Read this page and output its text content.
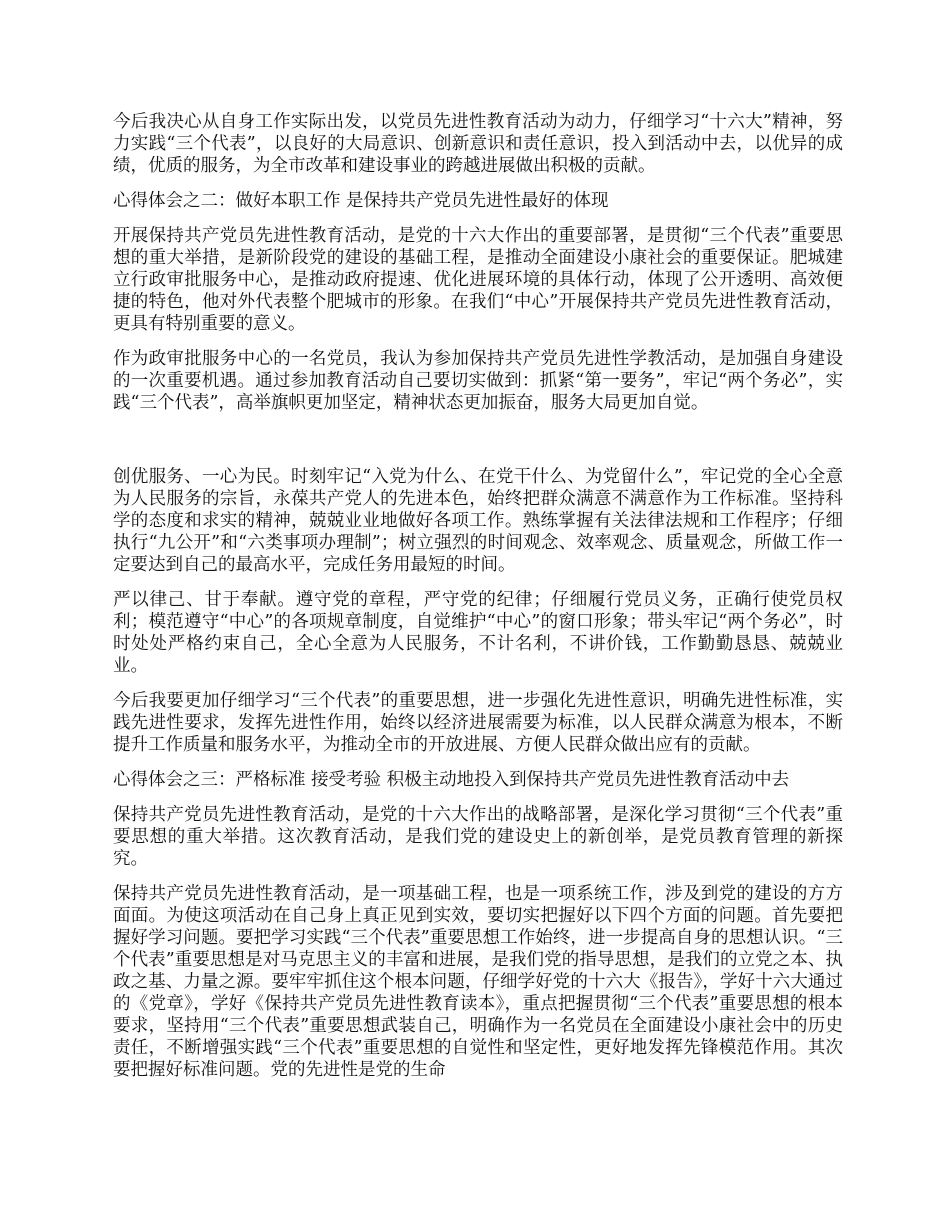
今后我决心从自身工作实际出发，以党员先进性教育活动为动力，仔细学习“十六大”精神，努力实践“三个代表”，以良好的大局意识、创新意识和责任意识，投入到活动中去，以优异的成绩，优质的服务，为全市改革和建设事业的跨越进展做出积极的贡献。

心得体会之二：做好本职工作 是保持共产党员先进性最好的体现

开展保持共产党员先进性教育活动，是党的十六大作出的重要部署，是贯彻“三个代表”重要思想的重大举措，是新阶段党的建设的基础工程，是推动全面建设小康社会的重要保证。肥城建立行政审批服务中心，是推动政府提速、优化进展环境的具体行动，体现了公开透明、高效便捷的特色，他对外代表整个肥城市的形象。在我们“中心”开展保持共产党员先进性教育活动，更具有特别重要的意义。

作为政审批服务中心的一名党员，我认为参加保持共产党员先进性学教活动，是加强自身建设的一次重要机遇。通过参加教育活动自己要切实做到：抓紧“第一要务”，牢记“两个务必”，实践“三个代表”，高举旗帜更加坚定，精神状态更加振奋，服务大局更加自觉。

创优服务、一心为民。时刻牢记“入党为什么、在党干什么、为党留什么”，牢记党的全心全意为人民服务的宗旨，永葆共产党人的先进本色，始终把群众满意不满意作为工作标准。坚持科学的态度和求实的精神，兢兢业业地做好各项工作。熟练掌握有关法律法规和工作程序；仔细执行“九公开”和“六类事项办理制”；树立强烈的时间观念、效率观念、质量观念，所做工作一定要达到自己的最高水平，完成任务用最短的时间。

严以律己、甘于奉献。遵守党的章程，严守党的纪律；仔细履行党员义务，正确行使党员权利；模范遵守“中心”的各项规章制度，自觉维护“中心”的窗口形象；带头牢记“两个务必”，时时处处严格约束自己，全心全意为人民服务，不计名利，不讲价钱，工作勤勤恳恳、兢兢业业。

今后我要更加仔细学习“三个代表”的重要思想，进一步强化先进性意识，明确先进性标准，实践先进性要求，发挥先进性作用，始终以经济进展需要为标准，以人民群众满意为根本，不断提升工作质量和服务水平，为推动全市的开放进展、方便人民群众做出应有的贡献。

心得体会之三：严格标准 接受考验 积极主动地投入到保持共产党员先进性教育活动中去

保持共产党员先进性教育活动，是党的十六大作出的战略部署，是深化学习贯彻“三个代表”重要思想的重大举措。这次教育活动，是我们党的建设史上的新创举，是党员教育管理的新探究。

保持共产党员先进性教育活动，是一项基础工程，也是一项系统工作，涉及到党的建设的方方面面。为使这项活动在自己身上真正见到实效，要切实把握好以下四个方面的问题。首先要把握好学习问题。要把学习实践“三个代表”重要思想工作始终，进一步提高自身的思想认识。“三个代表”重要思想是对马克思主义的丰富和进展，是我们党的指导思想，是我们的立党之本、执政之基、力量之源。要牢牢抓住这个根本问题，仔细学好党的十六大《报告》，学好十六大通过的《党章》，学好《保持共产党员先进性教育读本》，重点把握贯彻“三个代表”重要思想的根本要求，坚持用“三个代表”重要思想武装自己，明确作为一名党员在全面建设小康社会中的历史责任，不断增强实践“三个代表”重要思想的自觉性和坚定性，更好地发挥先锋模范作用。其次要把握好标准问题。党的先进性是党的生命
